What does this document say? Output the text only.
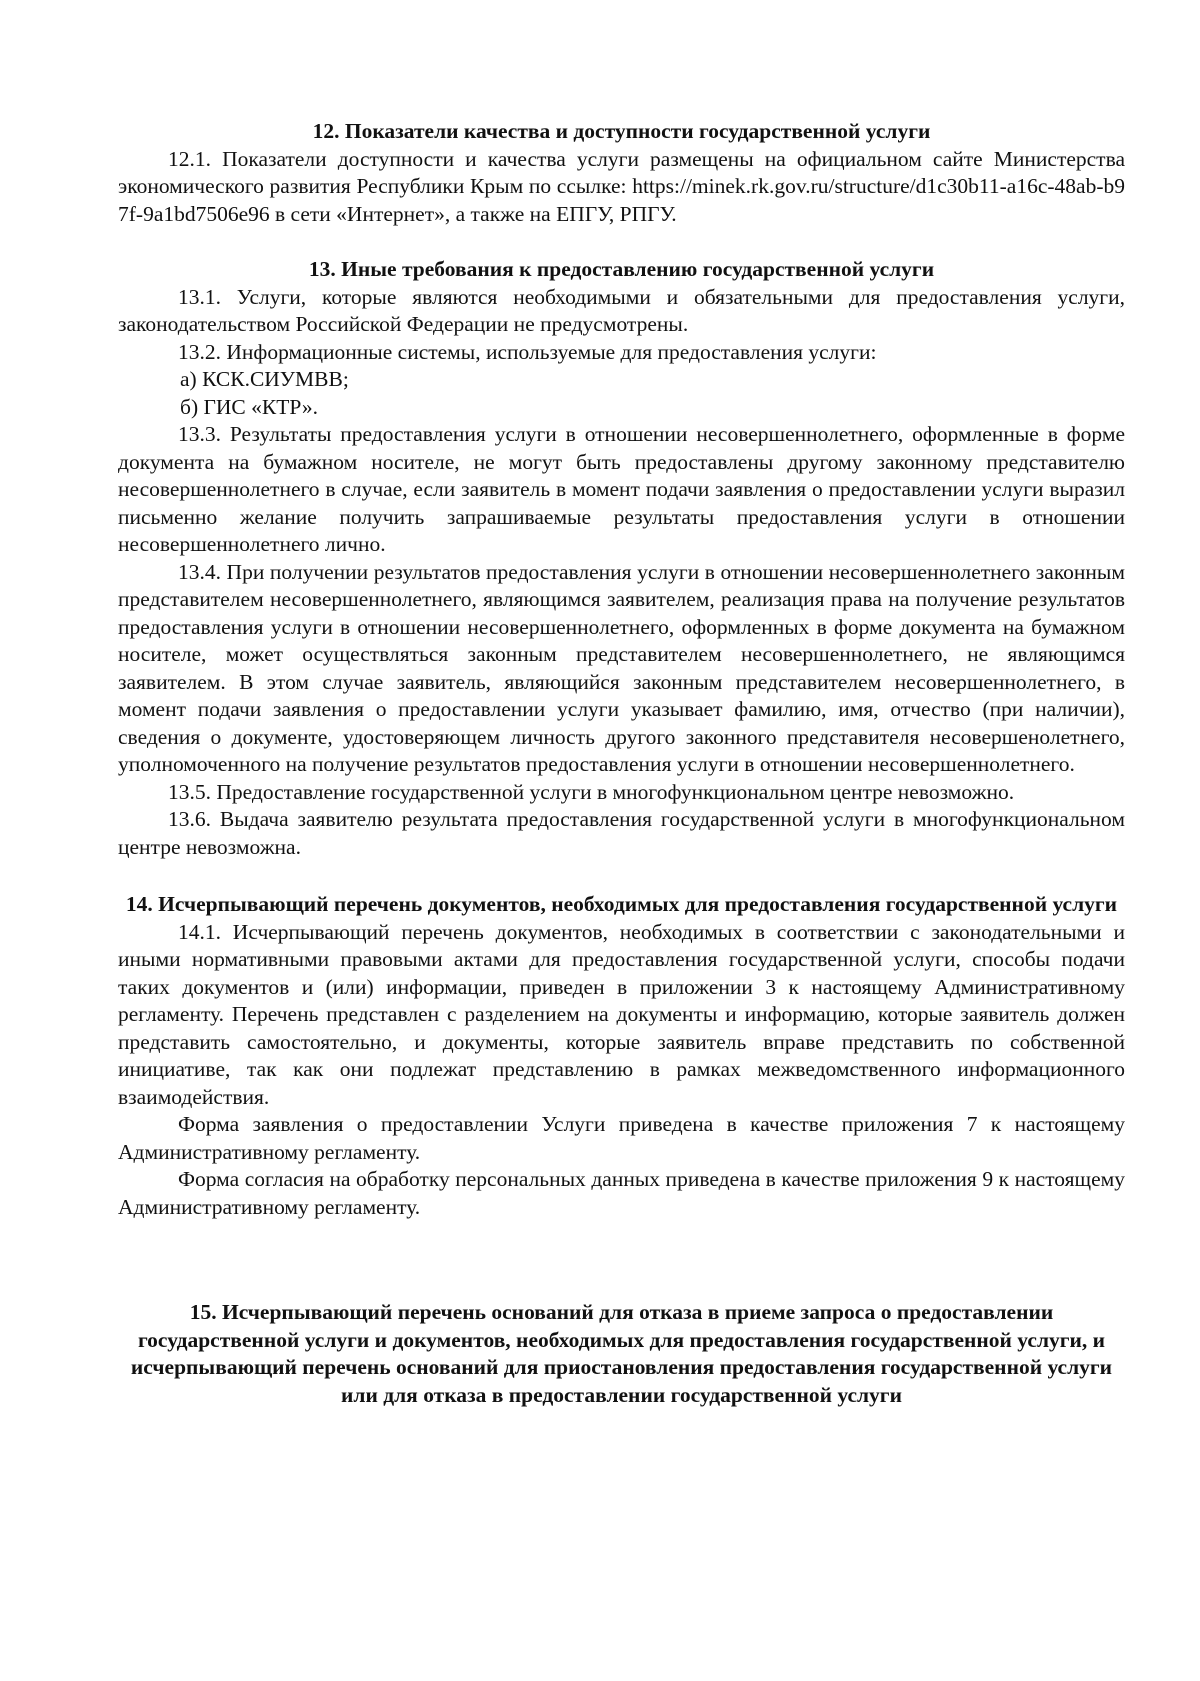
12. Показатели качества и доступности государственной услуги

12.1. Показатели доступности и качества услуги размещены на официальном сайте Министерства экономического развития Республики Крым по ссылке: https://minek.rk.gov.ru/structure/d1c30b11-a16c-48ab-b97f-9a1bd7506e96 в сети «Интернет», а также на ЕПГУ, РПГУ.

13. Иные требования к предоставлению государственной услуги

13.1. Услуги, которые являются необходимыми и обязательными для предоставления услуги, законодательством Российской Федерации не предусмотрены.

13.2. Информационные системы, используемые для предоставления услуги:

а) КСК.СИУМВВ;

б) ГИС «КТР».

13.3. Результаты предоставления услуги в отношении несовершеннолетнего, оформленные в форме документа на бумажном носителе, не могут быть предоставлены другому законному представителю несовершеннолетнего в случае, если заявитель в момент подачи заявления о предоставлении услуги выразил письменно желание получить запрашиваемые результаты предоставления услуги в отношении несовершеннолетнего лично.

13.4. При получении результатов предоставления услуги в отношении несовершеннолетнего законным представителем несовершеннолетнего, являющимся заявителем, реализация права на получение результатов предоставления услуги в отношении несовершеннолетнего, оформленных в форме документа на бумажном носителе, может осуществляться законным представителем несовершеннолетнего, не являющимся заявителем. В этом случае заявитель, являющийся законным представителем несовершеннолетнего, в момент подачи заявления о предоставлении услуги указывает фамилию, имя, отчество (при наличии), сведения о документе, удостоверяющем личность другого законного представителя несовершенолетнего, уполномоченного на получение результатов предоставления услуги в отношении несовершеннолетнего.

13.5. Предоставление государственной услуги в многофункциональном центре невозможно.

13.6. Выдача заявителю результата предоставления государственной услуги в многофункциональном центре невозможна.

14. Исчерпывающий перечень документов, необходимых для предоставления государственной услуги

14.1. Исчерпывающий перечень документов, необходимых в соответствии с законодательными и иными нормативными правовыми актами для предоставления государственной услуги, способы подачи таких документов и (или) информации, приведен в приложении 3 к настоящему Административному регламенту. Перечень представлен с разделением на документы и информацию, которые заявитель должен представить самостоятельно, и документы, которые заявитель вправе представить по собственной инициативе, так как они подлежат представлению в рамках межведомственного информационного взаимодействия.

Форма заявления о предоставлении Услуги приведена в качестве приложения 7 к настоящему Административному регламенту.

Форма согласия на обработку персональных данных приведена в качестве приложения 9 к настоящему Административному регламенту.

15. Исчерпывающий перечень оснований для отказа в приеме запроса о предоставлении государственной услуги и документов, необходимых для предоставления государственной услуги, и исчерпывающий перечень оснований для приостановления предоставления государственной услуги или для отказа в предоставлении государственной услуги
